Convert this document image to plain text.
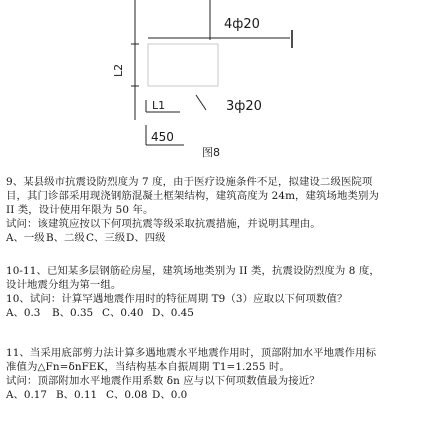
4ф20
L2
L1	3ф20
450
图8
9、某县级市抗震设防烈度为 7 度，由于医疗设施条件不足，拟建设二级医院项
目，其门诊部采用现浇钢筋混凝土框架结构，建筑高度为 24m，建筑场地类别为
II 类，设计使用年限为 50 年。
试问：该建筑应按以下何项抗震等级采取抗震措施，并说明其理由。
A、一级 B、二级 C、三级 D、四级
10-11、已知某多层钢筋砼房屋，建筑场地类别为 II 类，抗震设防烈度为 8 度，
设计地震分组为第一组。
10、试问：计算罕遇地震作用时的特征周期 T9（3）应取以下何项数值？
A、0.3 B、0.35 C、0.40 D、0.45
11、当采用底部剪力法计算多遇地震水平地震作用时，顶部附加水平地震作用标
准值为△Fn=δnFEK，当结构基本自振周期 T1=1.255 时。
试问：顶部附加水平地震作用系数 δn 应与以下何项数值最为接近？
A、0.17 B、0.11 C、0.08 D、0.0
